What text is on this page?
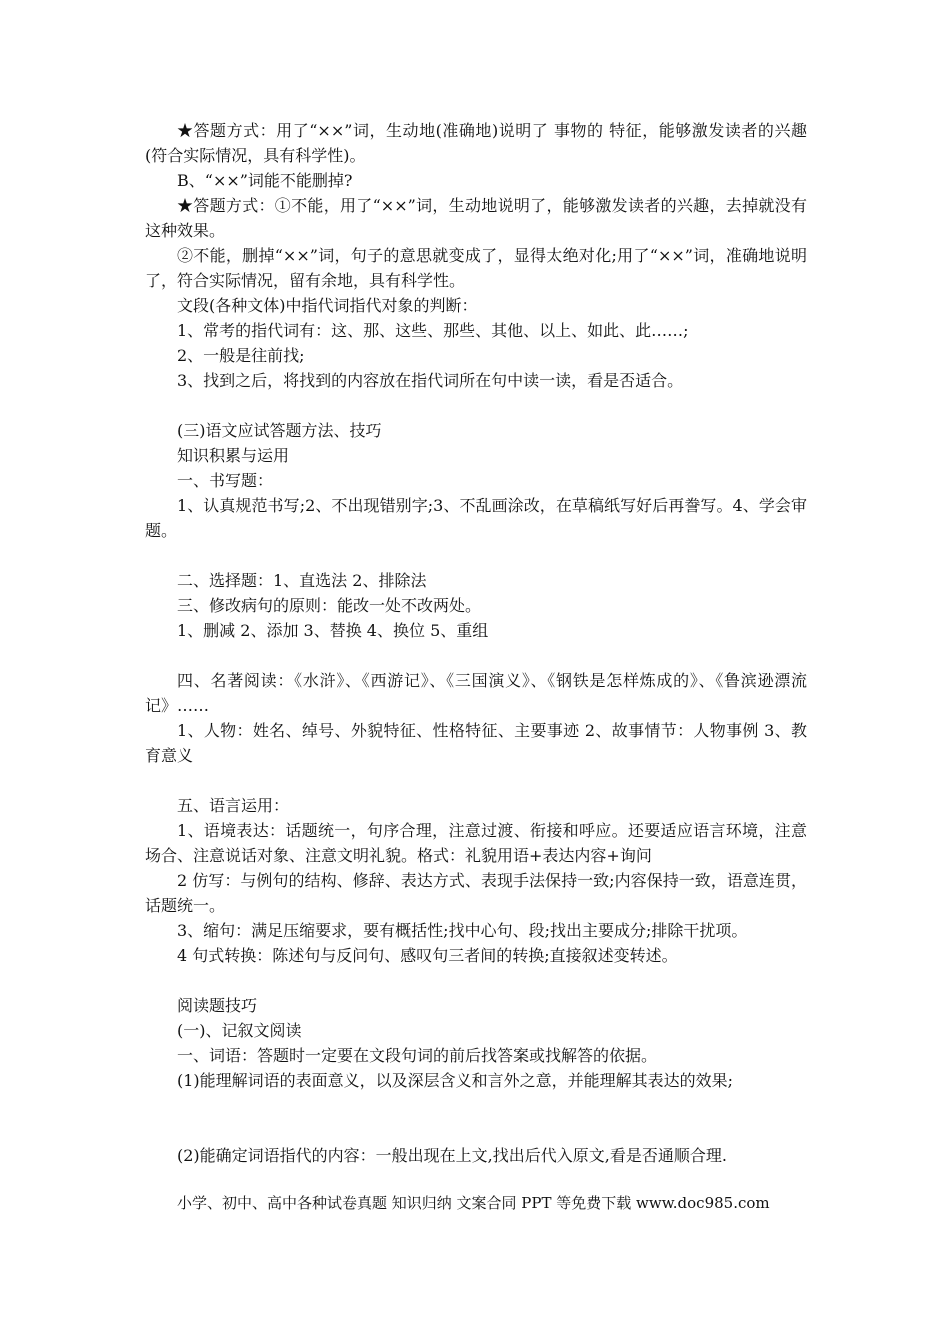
★答题方式：用了“××”词，生动地(准确地)说明了 事物的 特征，能够激发读者的兴趣(符合实际情况，具有科学性)。
B、“××”词能不能删掉?
★答题方式：①不能，用了“××”词，生动地说明了，能够激发读者的兴趣，去掉就没有这种效果。
②不能，删掉“××”词，句子的意思就变成了，显得太绝对化;用了“××”词，准确地说明了，符合实际情况，留有余地，具有科学性。
文段(各种文体)中指代词指代对象的判断：
1、常考的指代词有：这、那、这些、那些、其他、以上、如此、此……;
2、一般是往前找;
3、找到之后，将找到的内容放在指代词所在句中读一读，看是否适合。
(三)语文应试答题方法、技巧
知识积累与运用
一、书写题：
1、认真规范书写;2、不出现错别字;3、不乱画涂改，在草稿纸写好后再誊写。4、学会审题。
二、选择题：1、直选法 2、排除法
三、修改病句的原则：能改一处不改两处。
1、删减 2、添加 3、替换 4、换位 5、重组
四、名著阅读：《水浒》、《西游记》、《三国演义》、《钢铁是怎样炼成的》、《鲁滨逊漂流记》……
1、人物：姓名、绰号、外貌特征、性格特征、主要事迹 2、故事情节：人物事例 3、教育意义
五、语言运用：
1、语境表达：话题统一，句序合理，注意过渡、衔接和呼应。还要适应语言环境，注意场合、注意说话对象、注意文明礼貌。格式：礼貌用语+表达内容+询问
2 仿写：与例句的结构、修辞、表达方式、表现手法保持一致;内容保持一致，语意连贯，话题统一。
3、缩句：满足压缩要求，要有概括性;找中心句、段;找出主要成分;排除干扰项。
4 句式转换：陈述句与反问句、感叹句三者间的转换;直接叙述变转述。
阅读题技巧
(一)、记叙文阅读
一、词语：答题时一定要在文段句词的前后找答案或找解答的依据。
(1)能理解词语的表面意义，以及深层含义和言外之意，并能理解其表达的效果;
(2)能确定词语指代的内容：一般出现在上文,找出后代入原文,看是否通顺合理.
小学、初中、高中各种试卷真题 知识归纳 文案合同 PPT 等免费下载 www.doc985.com
